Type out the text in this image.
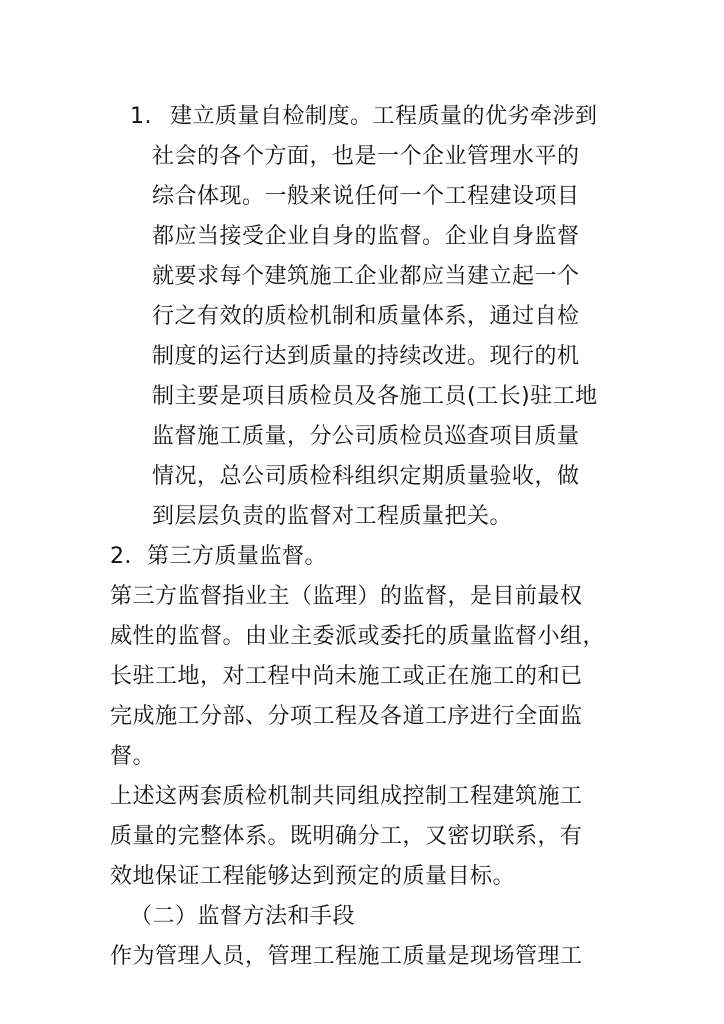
1. 建立质量自检制度。工程质量的优劣牵涉到
社会的各个方面，也是一个企业管理水平的
综合体现。一般来说任何一个工程建设项目
都应当接受企业自身的监督。企业自身监督
就要求每个建筑施工企业都应当建立起一个
行之有效的质检机制和质量体系，通过自检
制度的运行达到质量的持续改进。现行的机
制主要是项目质检员及各施工员(工长)驻工地
监督施工质量，分公司质检员巡查项目质量
情况，总公司质检科组织定期质量验收，做
到层层负责的监督对工程质量把关。
2．第三方质量监督。
第三方监督指业主（监理）的监督，是目前最权
威性的监督。由业主委派或委托的质量监督小组，
长驻工地，对工程中尚未施工或正在施工的和已
完成施工分部、分项工程及各道工序进行全面监
督。
上述这两套质检机制共同组成控制工程建筑施工
质量的完整体系。既明确分工，又密切联系，有
效地保证工程能够达到预定的质量目标。
（二）监督方法和手段
作为管理人员，管理工程施工质量是现场管理工
